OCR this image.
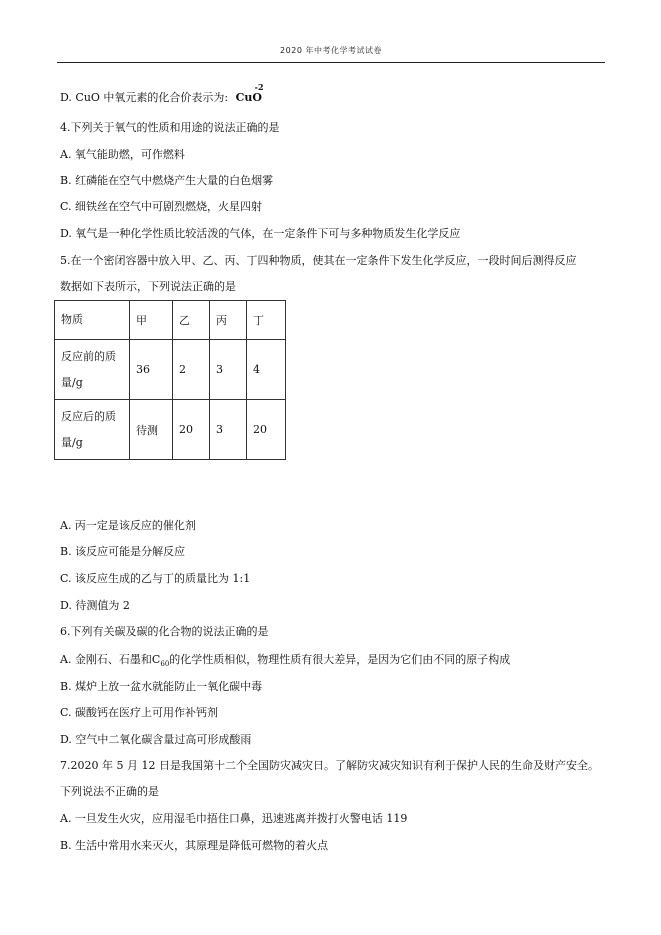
2020 年中考化学考试试卷
D. CuO 中氧元素的化合价表示为: CuO
-2
4.下列关于氧气的性质和用途的说法正确的是
A. 氧气能助燃，可作燃料
B. 红磷能在空气中燃烧产生大量的白色烟雾
C. 细铁丝在空气中可剧烈燃烧，火星四射
D. 氧气是一种化学性质比较活泼的气体，在一定条件下可与多种物质发生化学反应
5.在一个密闭容器中放入甲、乙、丙、丁四种物质，使其在一定条件下发生化学反应，一段时间后测得反应
数据如下表所示，下列说法正确的是
物质	甲	乙	丙	丁
反应前的质量/g	36	2	3	4
反应后的质量/g	待测	20	3	20
A. 丙一定是该反应的催化剂
B. 该反应可能是分解反应
C. 该反应生成的乙与丁的质量比为 1:1
D. 待测值为 2
6.下列有关碳及碳的化合物的说法正确的是
A. 金刚石、石墨和$C_{60}$的化学性质相似，物理性质有很大差异，是因为它们由不同的原子构成
B. 煤炉上放一盆水就能防止一氧化碳中毒
C. 碳酸钙在医疗上可用作补钙剂
D. 空气中二氧化碳含量过高可形成酸雨
7.2020 年 5 月 12 日是我国第十二个全国防灾减灾日。了解防灾减灾知识有利于保护人民的生命及财产安全。
下列说法不正确的是
A. 一旦发生火灾，应用湿毛巾捂住口鼻，迅速逃离并拨打火警电话 119
B. 生活中常用水来灭火，其原理是降低可燃物的着火点
